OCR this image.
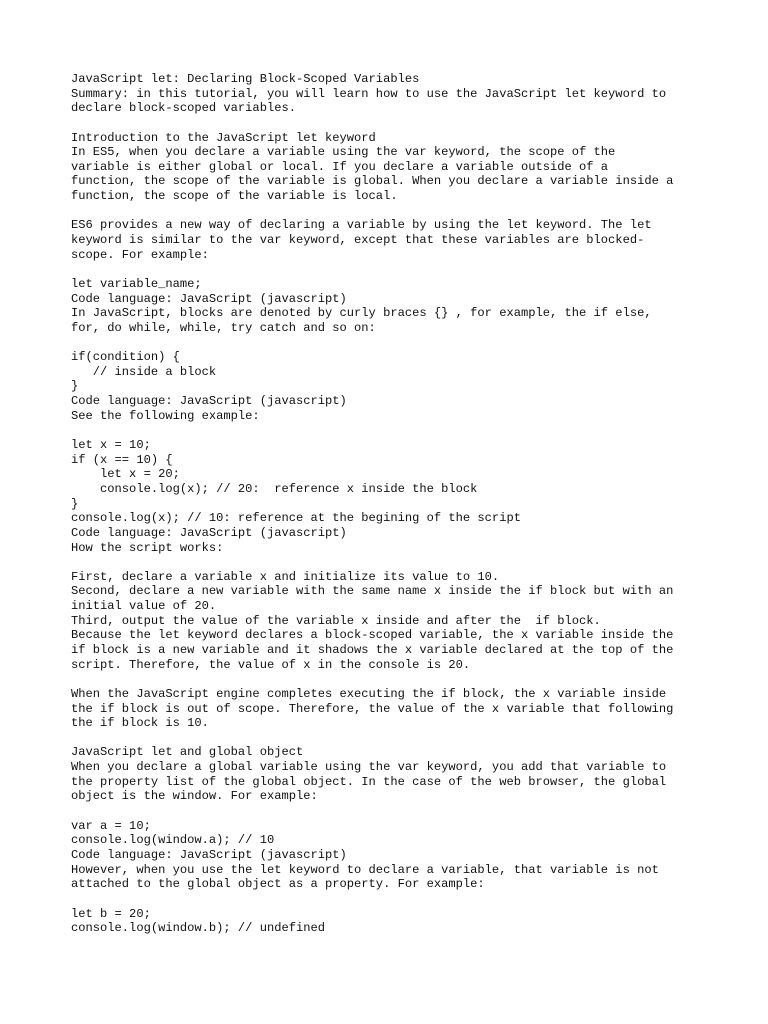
JavaScript let: Declaring Block-Scoped Variables
Summary: in this tutorial, you will learn how to use the JavaScript let keyword to
declare block-scoped variables.
Introduction to the JavaScript let keyword
In ES5, when you declare a variable using the var keyword, the scope of the
variable is either global or local. If you declare a variable outside of a
function, the scope of the variable is global. When you declare a variable inside a
function, the scope of the variable is local.
ES6 provides a new way of declaring a variable by using the let keyword. The let
keyword is similar to the var keyword, except that these variables are blocked-
scope. For example:
let variable_name;
Code language: JavaScript (javascript)
In JavaScript, blocks are denoted by curly braces {} , for example, the if else,
for, do while, while, try catch and so on:
if(condition) {
// inside a block
}
Code language: JavaScript (javascript)
See the following example:
let x = 10;
if (x == 10) {
let x = 20;
console.log(x); // 20:  reference x inside the block
}
console.log(x); // 10: reference at the begining of the script
Code language: JavaScript (javascript)
How the script works:
First, declare a variable x and initialize its value to 10.
Second, declare a new variable with the same name x inside the if block but with an
initial value of 20.
Third, output the value of the variable x inside and after the  if block.
Because the let keyword declares a block-scoped variable, the x variable inside the
if block is a new variable and it shadows the x variable declared at the top of the
script. Therefore, the value of x in the console is 20.
When the JavaScript engine completes executing the if block, the x variable inside
the if block is out of scope. Therefore, the value of the x variable that following
the if block is 10.
JavaScript let and global object
When you declare a global variable using the var keyword, you add that variable to
the property list of the global object. In the case of the web browser, the global
object is the window. For example:
var a = 10;
console.log(window.a); // 10
Code language: JavaScript (javascript)
However, when you use the let keyword to declare a variable, that variable is not
attached to the global object as a property. For example:
let b = 20;
console.log(window.b); // undefined
